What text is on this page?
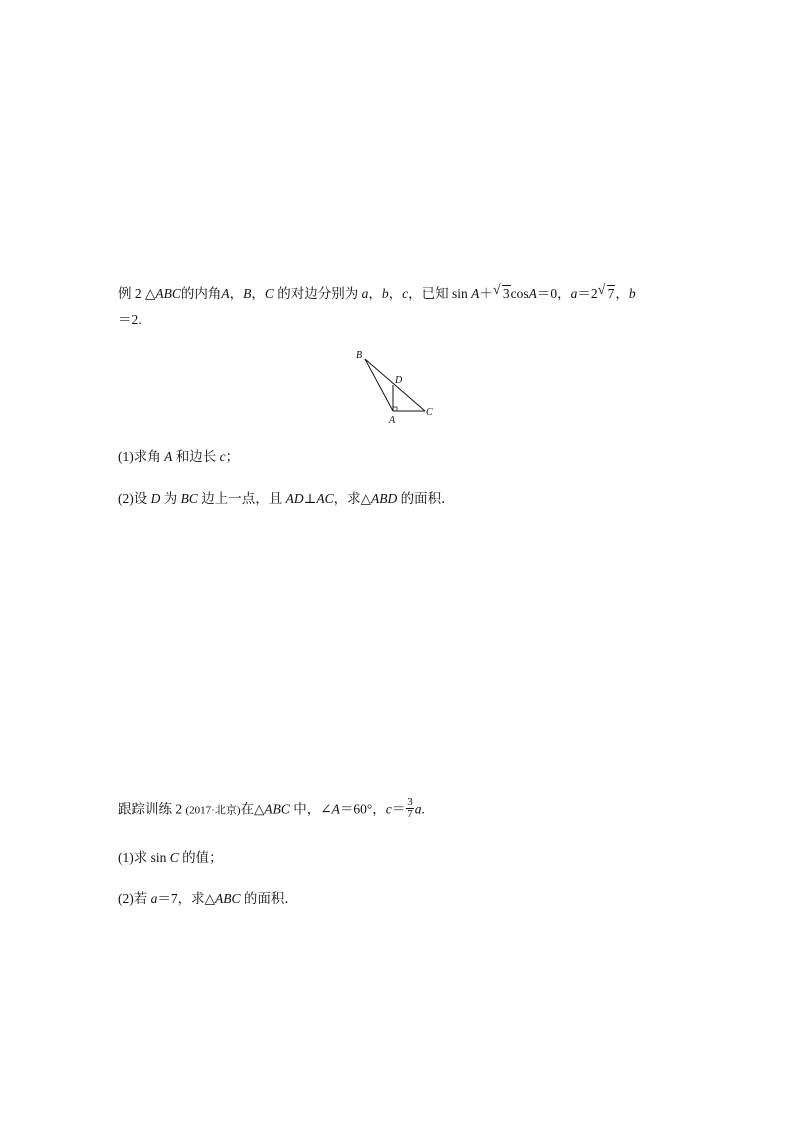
例 2 △ABC的内角A，B，C 的对边分别为 a，b，c，已知 sin A＋ √ 3cosA＝0，a＝2 √ 7，b
＝2.
B
D
A
C
(1)求角 A 和边长 c；
(2)设 D 为 BC 边上一点，且 AD⊥AC，求△ABD 的面积．
跟踪训练 2 (2017·北京)在△ABC 中，∠A＝60°，$c= \frac{3}{7} a$.
(1)求 sin C 的值；
(2)若 a＝7，求△ABC 的面积．
